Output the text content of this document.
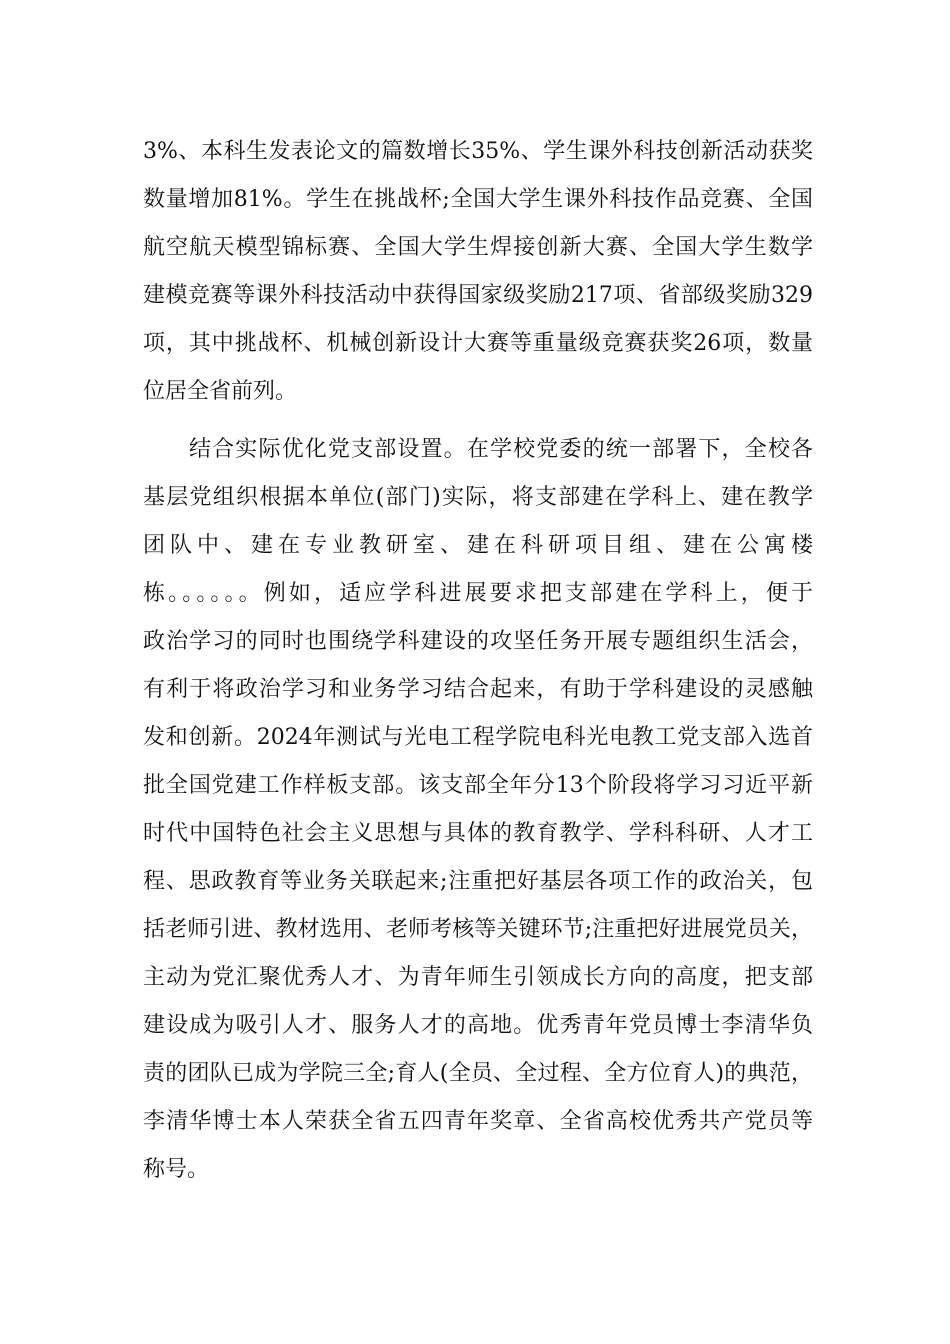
3%、本科生发表论文的篇数增长35%、学生课外科技创新活动获奖
数量增加81%。学生在挑战杯;全国大学生课外科技作品竞赛、全国
航空航天模型锦标赛、全国大学生焊接创新大赛、全国大学生数学
建模竞赛等课外科技活动中获得国家级奖励217项、省部级奖励329
项，其中挑战杯、机械创新设计大赛等重量级竞赛获奖26项，数量
位居全省前列。
结合实际优化党支部设置。在学校党委的统一部署下，全校各
基层党组织根据本单位(部门)实际，将支部建在学科上、建在教学
团队中、建在专业教研室、建在科研项目组、建在公寓楼
栋。。。。。。例如，适应学科进展要求把支部建在学科上，便于
政治学习的同时也围绕学科建设的攻坚任务开展专题组织生活会，
有利于将政治学习和业务学习结合起来，有助于学科建设的灵感触
发和创新。2024年测试与光电工程学院电科光电教工党支部入选首
批全国党建工作样板支部。该支部全年分13个阶段将学习习近平新
时代中国特色社会主义思想与具体的教育教学、学科科研、人才工
程、思政教育等业务关联起来;注重把好基层各项工作的政治关，包
括老师引进、教材选用、老师考核等关键环节;注重把好进展党员关，
主动为党汇聚优秀人才、为青年师生引领成长方向的高度，把支部
建设成为吸引人才、服务人才的高地。优秀青年党员博士李清华负
责的团队已成为学院三全;育人(全员、全过程、全方位育人)的典范，
李清华博士本人荣获全省五四青年奖章、全省高校优秀共产党员等
称号。
